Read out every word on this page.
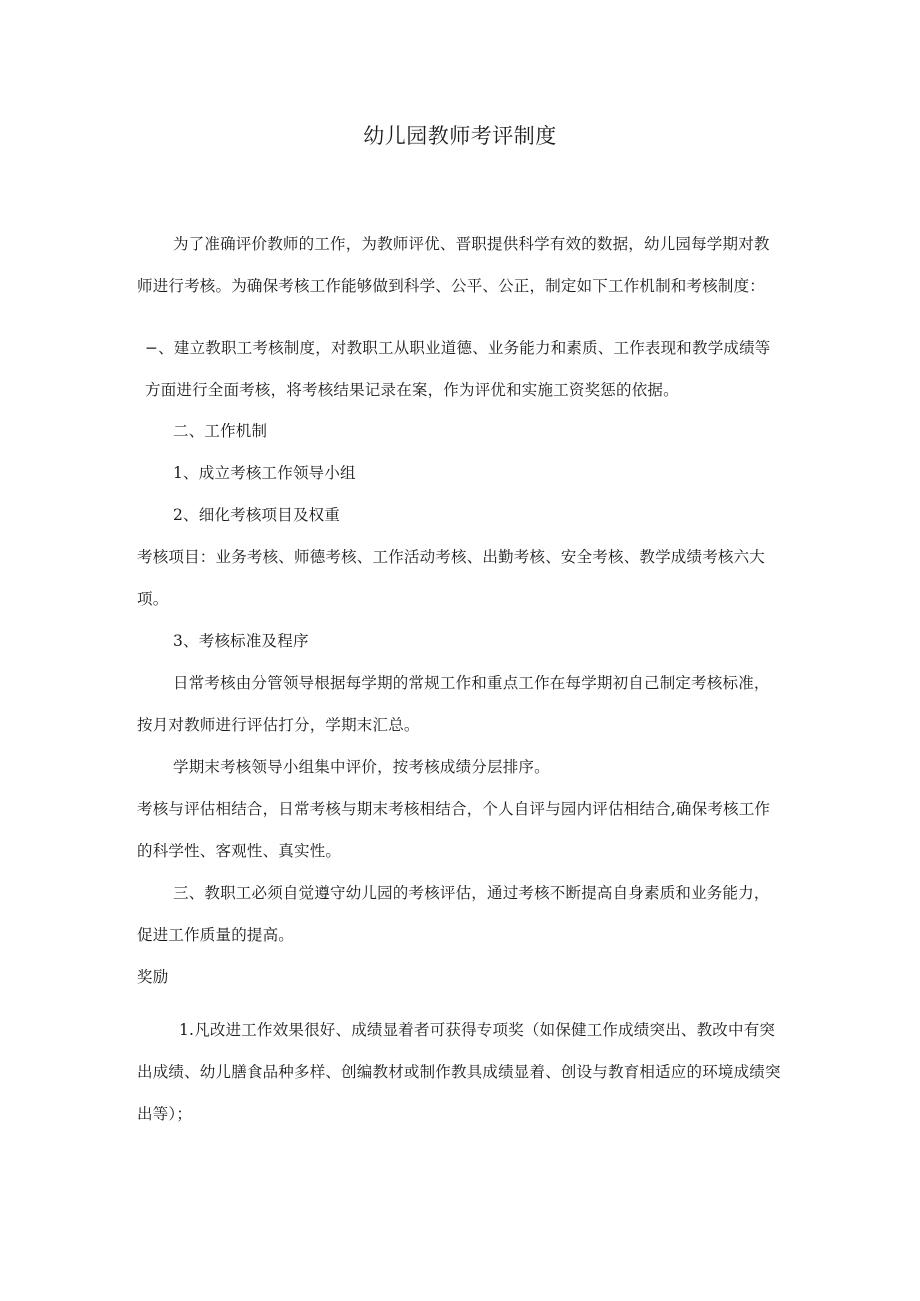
幼儿园教师考评制度
为了准确评价教师的工作，为教师评优、晋职提供科学有效的数据，幼儿园每学期对教师进行考核。为确保考核工作能够做到科学、公平、公正，制定如下工作机制和考核制度：
−、建立教职工考核制度，对教职工从职业道德、业务能力和素质、工作表现和教学成绩等方面进行全面考核，将考核结果记录在案，作为评优和实施工资奖惩的依据。
二、工作机制
1、成立考核工作领导小组
2、细化考核项目及权重
考核项目：业务考核、师德考核、工作活动考核、出勤考核、安全考核、教学成绩考核六大项。
3、考核标准及程序
日常考核由分管领导根据每学期的常规工作和重点工作在每学期初自己制定考核标准，按月对教师进行评估打分，学期末汇总。
学期末考核领导小组集中评价，按考核成绩分层排序。
考核与评估相结合，日常考核与期末考核相结合，个人自评与园内评估相结合,确保考核工作的科学性、客观性、真实性。
三、教职工必须自觉遵守幼儿园的考核评估，通过考核不断提高自身素质和业务能力，促进工作质量的提高。
奖励
1.凡改进工作效果很好、成绩显着者可获得专项奖（如保健工作成绩突出、教改中有突出成绩、幼儿膳食品种多样、创编教材或制作教具成绩显着、创设与教育相适应的环境成绩突出等）；
